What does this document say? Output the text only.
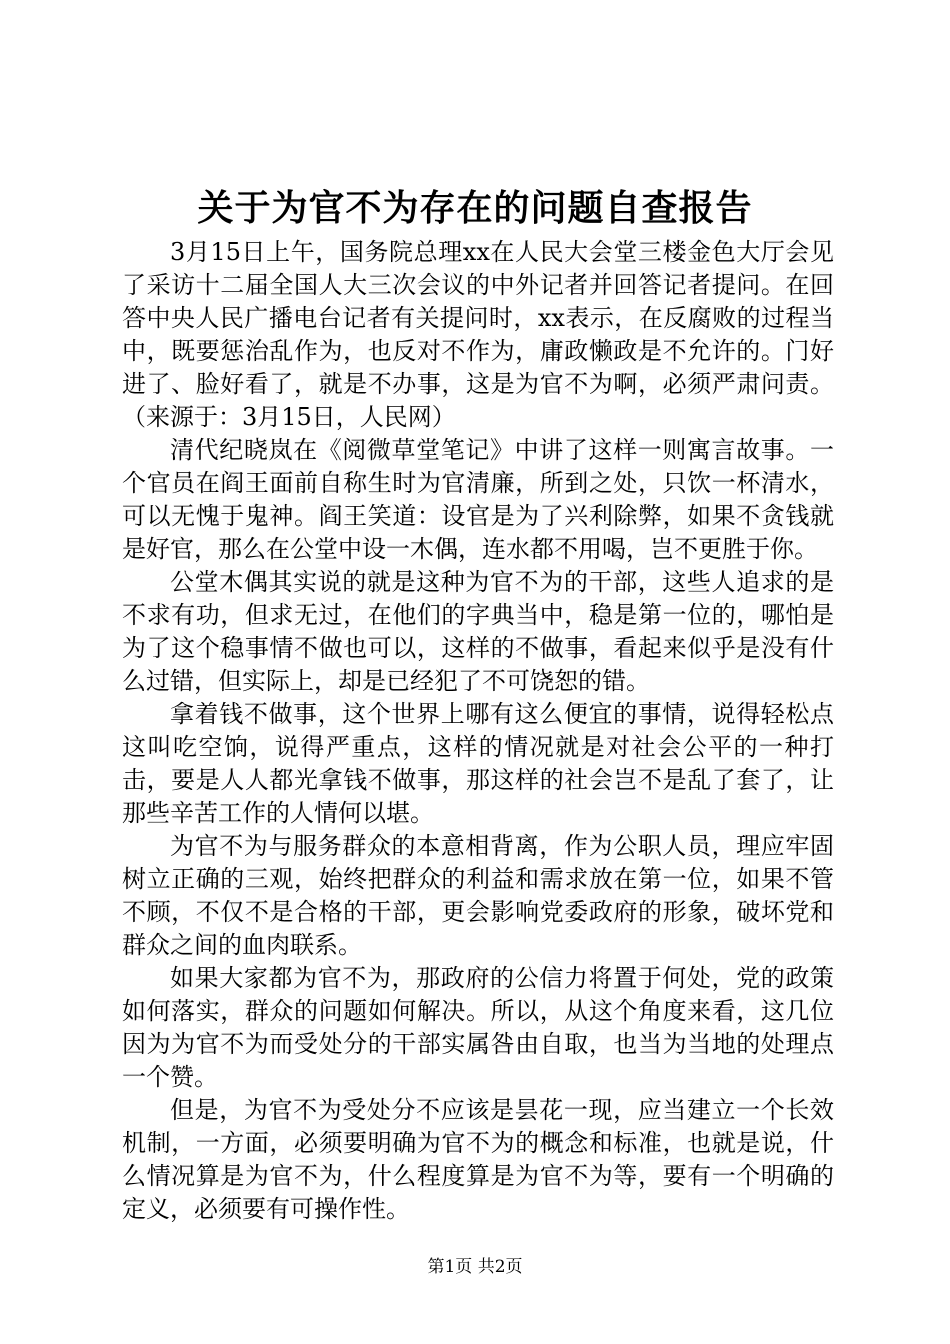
关于为官不为存在的问题自查报告

3月15日上午，国务院总理xx在人民大会堂三楼金色大厅会见了采访十二届全国人大三次会议的中外记者并回答记者提问。在回答中央人民广播电台记者有关提问时，xx表示，在反腐败的过程当中，既要惩治乱作为，也反对不作为，庸政懒政是不允许的。门好进了、脸好看了，就是不办事，这是为官不为啊，必须严肃问责。（来源于：3月15日，人民网）

清代纪晓岚在《阅微草堂笔记》中讲了这样一则寓言故事。一个官员在阎王面前自称生时为官清廉，所到之处，只饮一杯清水，可以无愧于鬼神。阎王笑道：设官是为了兴利除弊，如果不贪钱就是好官，那么在公堂中设一木偶，连水都不用喝，岂不更胜于你。

公堂木偶其实说的就是这种为官不为的干部，这些人追求的是不求有功，但求无过，在他们的字典当中，稳是第一位的，哪怕是为了这个稳事情不做也可以，这样的不做事，看起来似乎是没有什么过错，但实际上，却是已经犯了不可饶恕的错。

拿着钱不做事，这个世界上哪有这么便宜的事情，说得轻松点这叫吃空饷，说得严重点，这样的情况就是对社会公平的一种打击，要是人人都光拿钱不做事，那这样的社会岂不是乱了套了，让那些辛苦工作的人情何以堪。

为官不为与服务群众的本意相背离，作为公职人员，理应牢固树立正确的三观，始终把群众的利益和需求放在第一位，如果不管不顾，不仅不是合格的干部，更会影响党委政府的形象，破坏党和群众之间的血肉联系。

如果大家都为官不为，那政府的公信力将置于何处，党的政策如何落实，群众的问题如何解决。所以，从这个角度来看，这几位因为为官不为而受处分的干部实属咎由自取，也当为当地的处理点一个赞。

但是，为官不为受处分不应该是昙花一现，应当建立一个长效机制，一方面，必须要明确为官不为的概念和标准，也就是说，什么情况算是为官不为，什么程度算是为官不为等，要有一个明确的定义，必须要有可操作性。

第1页 共2页
